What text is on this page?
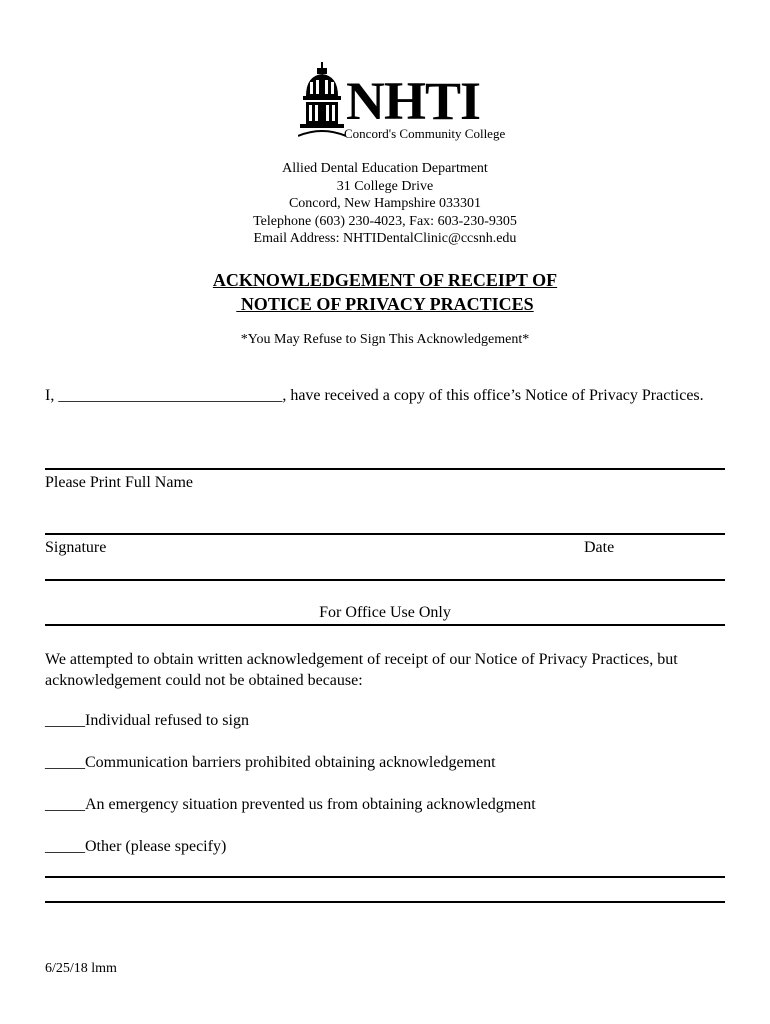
NHTI
Concord's Community College
Allied Dental Education Department
31 College Drive
Concord, New Hampshire 033301
Telephone (603) 230-4023, Fax: 603-230-9305
Email Address: NHTIDentalClinic@ccsnh.edu
ACKNOWLEDGEMENT OF RECEIPT OF
NOTICE OF PRIVACY PRACTICES
*You May Refuse to Sign This Acknowledgement*
I, ____________________________, have received a copy of this office’s Notice of Privacy Practices.
Please Print Full Name
Signature	Date
For Office Use Only
We attempted to obtain written acknowledgement of receipt of our Notice of Privacy Practices, but acknowledgement could not be obtained because:
_____Individual refused to sign
_____Communication barriers prohibited obtaining acknowledgement
_____An emergency situation prevented us from obtaining acknowledgment
_____Other (please specify)
6/25/18 lmm
